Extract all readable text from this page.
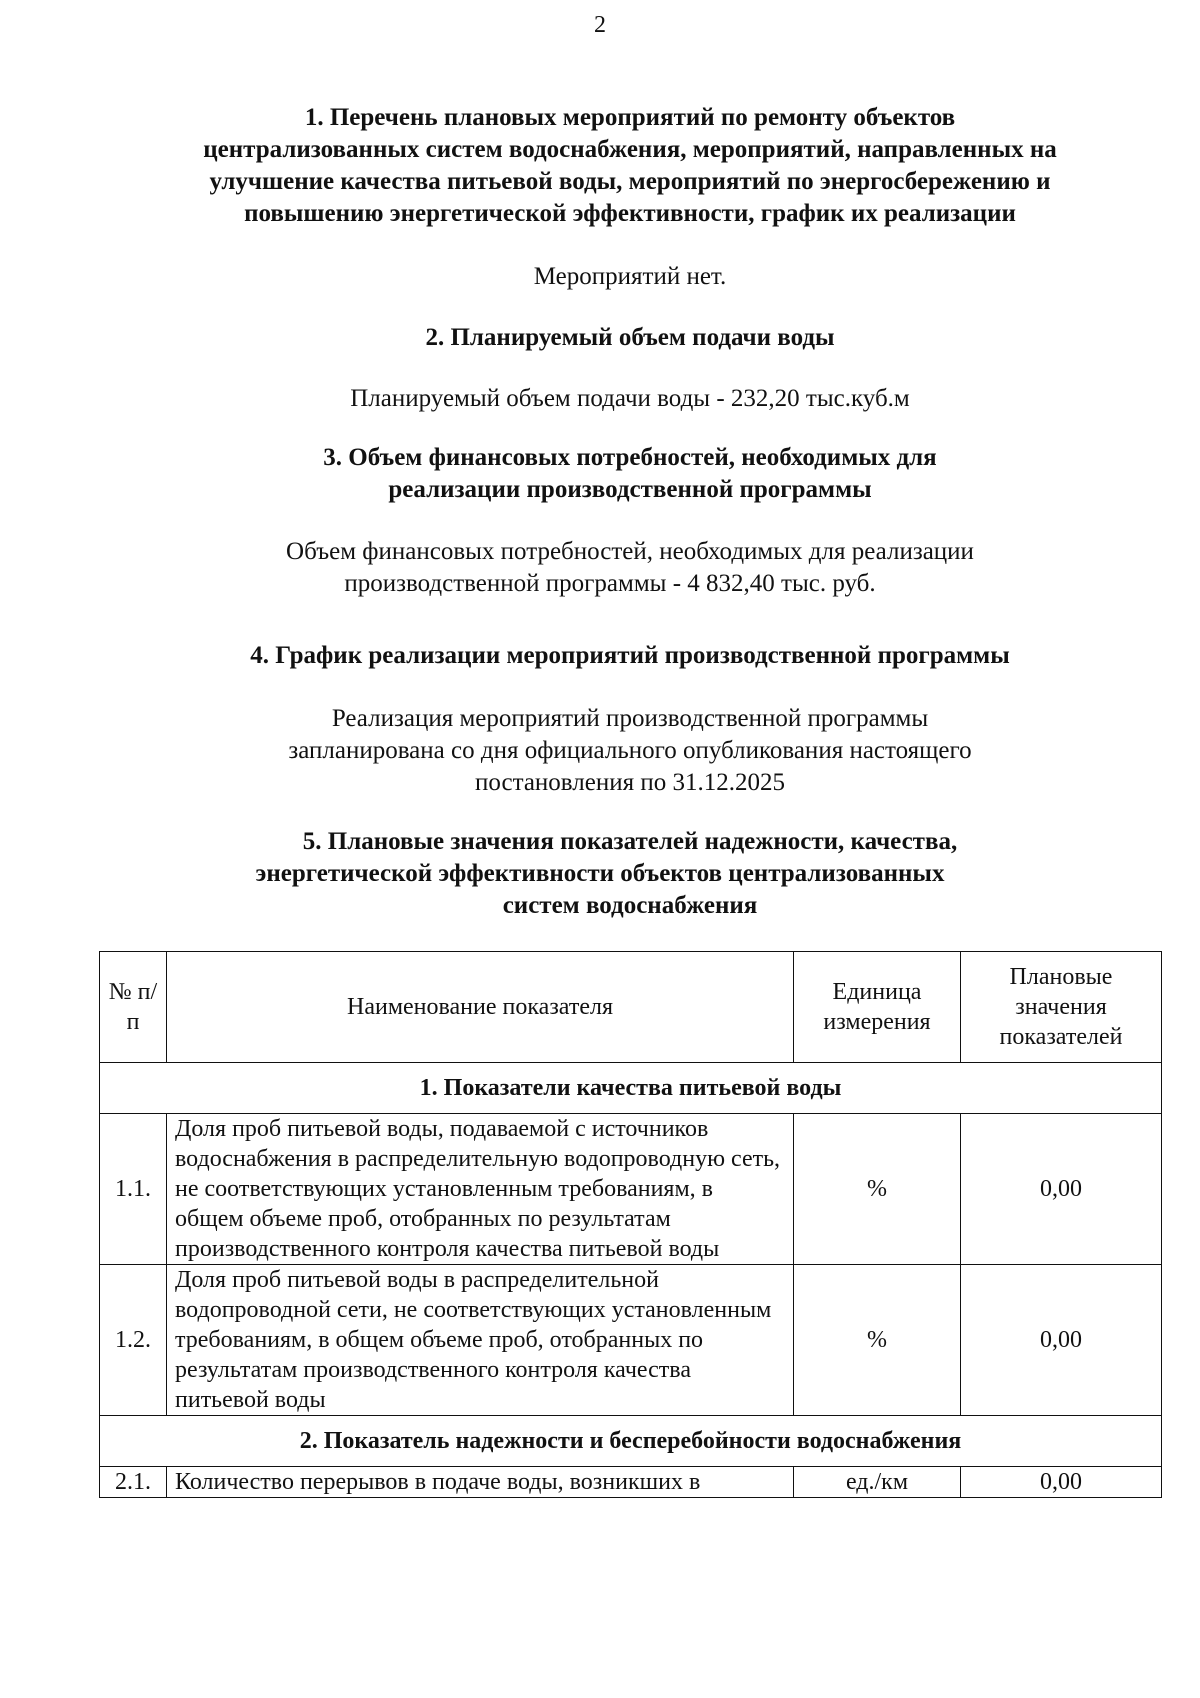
2
1. Перечень плановых мероприятий по ремонту объектов
централизованных систем водоснабжения, мероприятий, направленных на
улучшение качества питьевой воды, мероприятий по энергосбережению и
повышению энергетической эффективности, график их реализации
Мероприятий нет.
2. Планируемый объем подачи воды
Планируемый объем подачи воды - 232,20 тыс.куб.м
3. Объем финансовых потребностей, необходимых для
реализации производственной программы
Объем финансовых потребностей, необходимых для реализации
производственной программы - 4 832,40 тыс. руб.
4. График реализации мероприятий производственной программы
Реализация мероприятий производственной программы
запланирована со дня официального опубликования настоящего
постановления по 31.12.2025
5. Плановые значения показателей надежности, качества,
энергетической эффективности объектов централизованных
систем водоснабжения
№ п/п	Наименование показателя	Единица измерения	Плановые значения показателей
1. Показатели качества питьевой воды			
1.1.	Доля проб питьевой воды, подаваемой с источников водоснабжения в распределительную водопроводную сеть, не соответствующих установленным требованиям, в общем объеме проб, отобранных по результатам производственного контроля качества питьевой воды	%	0,00
1.2.	Доля проб питьевой воды в распределительной водопроводной сети, не соответствующих установленным требованиям, в общем объеме проб, отобранных по результатам производственного контроля качества питьевой воды	%	0,00
2. Показатель надежности и бесперебойности водоснабжения			
2.1.	Количество перерывов в подаче воды, возникших в	ед./км	0,00
